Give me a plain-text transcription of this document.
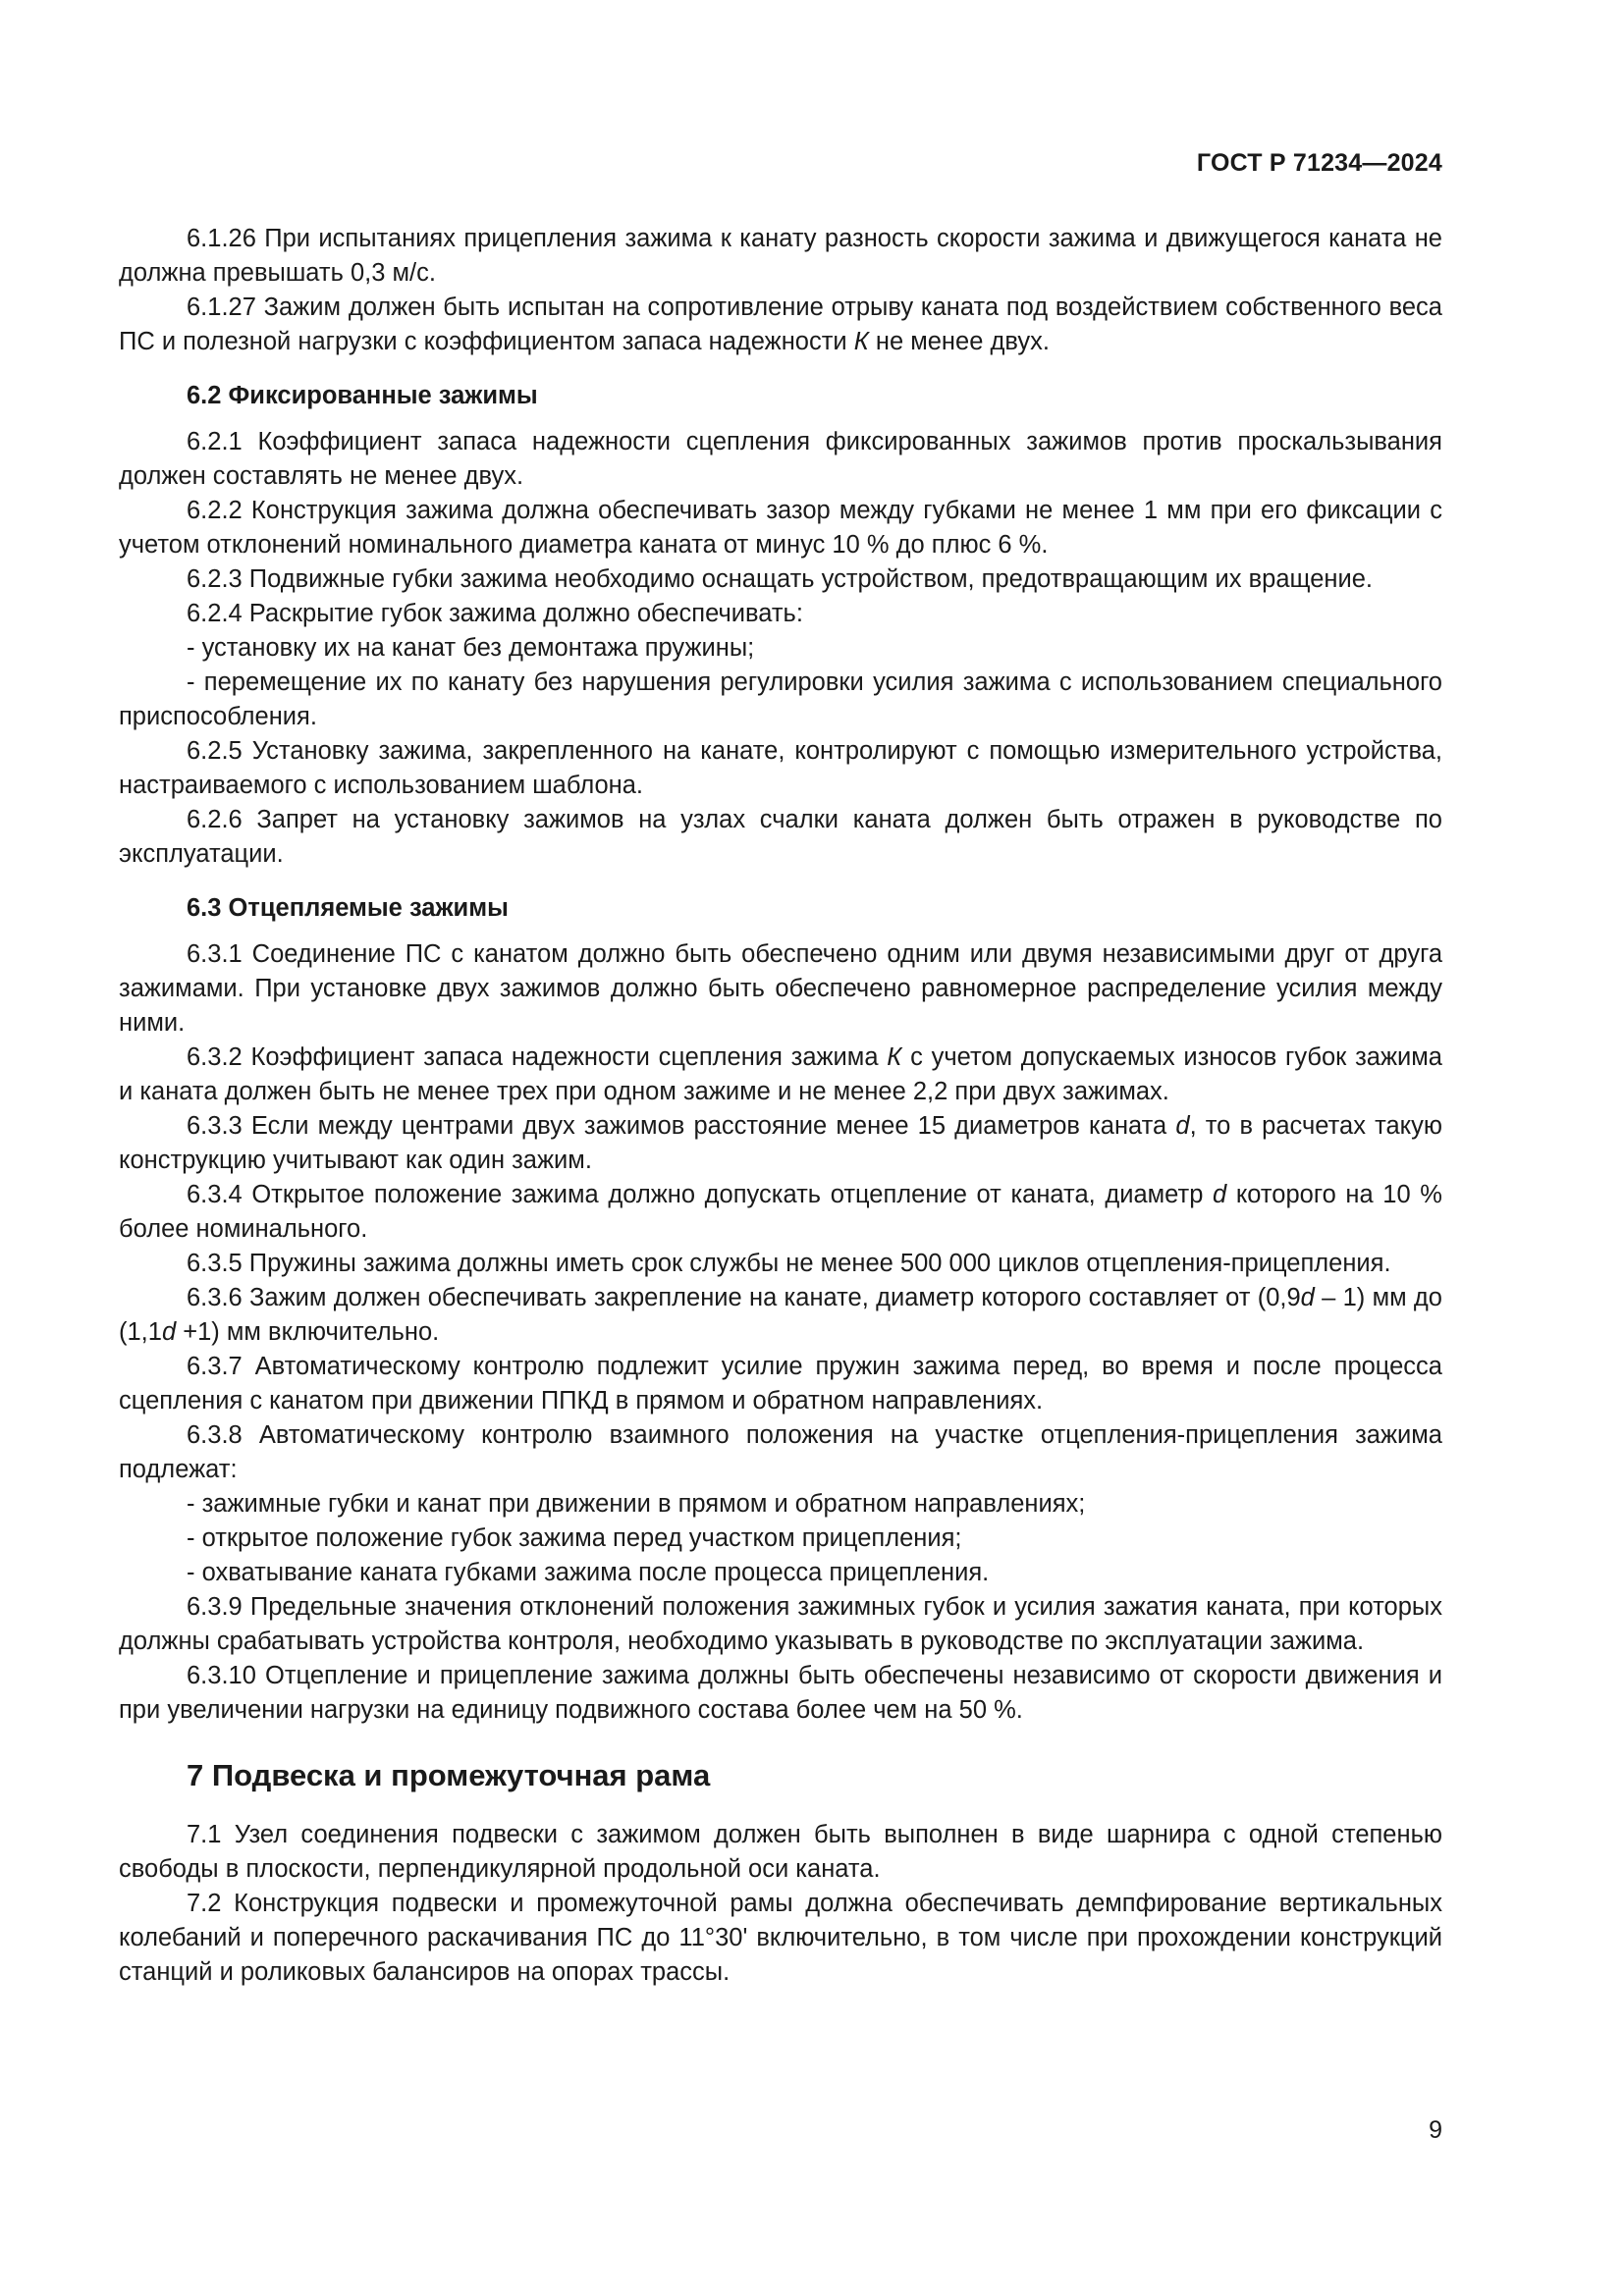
ГОСТ Р 71234—2024

6.1.26 При испытаниях прицепления зажима к канату разность скорости зажима и движущегося каната не должна превышать 0,3 м/с.

6.1.27 Зажим должен быть испытан на сопротивление отрыву каната под воздействием собственного веса ПС и полезной нагрузки с коэффициентом запаса надежности К не менее двух.

6.2 Фиксированные зажимы

6.2.1 Коэффициент запаса надежности сцепления фиксированных зажимов против проскальзывания должен составлять не менее двух.

6.2.2 Конструкция зажима должна обеспечивать зазор между губками не менее 1 мм при его фиксации с учетом отклонений номинального диаметра каната от минус 10 % до плюс 6 %.

6.2.3 Подвижные губки зажима необходимо оснащать устройством, предотвращающим их вращение.

6.2.4 Раскрытие губок зажима должно обеспечивать:

- установку их на канат без демонтажа пружины;

- перемещение их по канату без нарушения регулировки усилия зажима с использованием специального приспособления.

6.2.5 Установку зажима, закрепленного на канате, контролируют с помощью измерительного устройства, настраиваемого с использованием шаблона.

6.2.6 Запрет на установку зажимов на узлах счалки каната должен быть отражен в руководстве по эксплуатации.

6.3 Отцепляемые зажимы

6.3.1 Соединение ПС с канатом должно быть обеспечено одним или двумя независимыми друг от друга зажимами. При установке двух зажимов должно быть обеспечено равномерное распределение усилия между ними.

6.3.2 Коэффициент запаса надежности сцепления зажима К с учетом допускаемых износов губок зажима и каната должен быть не менее трех при одном зажиме и не менее 2,2 при двух зажимах.

6.3.3 Если между центрами двух зажимов расстояние менее 15 диаметров каната d, то в расчетах такую конструкцию учитывают как один зажим.

6.3.4 Открытое положение зажима должно допускать отцепление от каната, диаметр d которого на 10 % более номинального.

6.3.5 Пружины зажима должны иметь срок службы не менее 500 000 циклов отцепления-прицепления.

6.3.6 Зажим должен обеспечивать закрепление на канате, диаметр которого составляет от (0,9d – 1) мм до (1,1d +1) мм включительно.

6.3.7 Автоматическому контролю подлежит усилие пружин зажима перед, во время и после процесса сцепления с канатом при движении ППКД в прямом и обратном направлениях.

6.3.8 Автоматическому контролю взаимного положения на участке отцепления-прицепления зажима подлежат:

- зажимные губки и канат при движении в прямом и обратном направлениях;

- открытое положение губок зажима перед участком прицепления;

- охватывание каната губками зажима после процесса прицепления.

6.3.9 Предельные значения отклонений положения зажимных губок и усилия зажатия каната, при которых должны срабатывать устройства контроля, необходимо указывать в руководстве по эксплуатации зажима.

6.3.10 Отцепление и прицепление зажима должны быть обеспечены независимо от скорости движения и при увеличении нагрузки на единицу подвижного состава более чем на 50 %.

7 Подвеска и промежуточная рама

7.1 Узел соединения подвески с зажимом должен быть выполнен в виде шарнира с одной степенью свободы в плоскости, перпендикулярной продольной оси каната.

7.2 Конструкция подвески и промежуточной рамы должна обеспечивать демпфирование вертикальных колебаний и поперечного раскачивания ПС до 11°30' включительно, в том числе при прохождении конструкций станций и роликовых балансиров на опорах трассы.

9
